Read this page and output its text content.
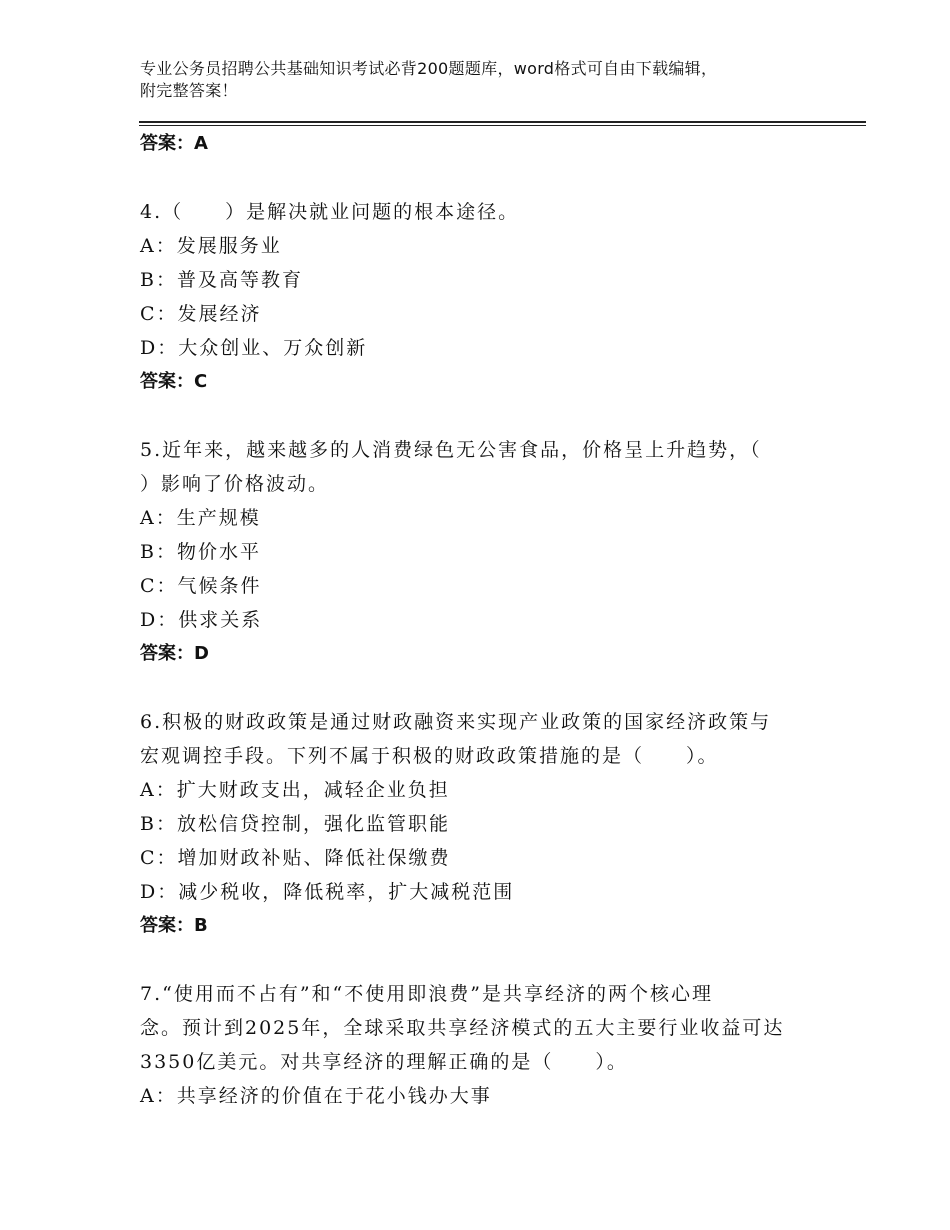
专业公务员招聘公共基础知识考试必背200题题库，word格式可自由下载编辑，
附完整答案！
答案：A
4.（　　）是解决就业问题的根本途径。
A：发展服务业
B：普及高等教育
C：发展经济
D：大众创业、万众创新
答案：C
5.近年来，越来越多的人消费绿色无公害食品，价格呈上升趋势，（
）影响了价格波动。
A：生产规模
B：物价水平
C：气候条件
D：供求关系
答案：D
6.积极的财政政策是通过财政融资来实现产业政策的国家经济政策与
宏观调控手段。下列不属于积极的财政政策措施的是（　　）。
A：扩大财政支出，减轻企业负担
B：放松信贷控制，强化监管职能
C：增加财政补贴、降低社保缴费
D：减少税收，降低税率，扩大减税范围
答案：B
7.“使用而不占有”和“不使用即浪费”是共享经济的两个核心理
念。预计到2025年，全球采取共享经济模式的五大主要行业收益可达
3350亿美元。对共享经济的理解正确的是（　　）。
A：共享经济的价值在于花小钱办大事
